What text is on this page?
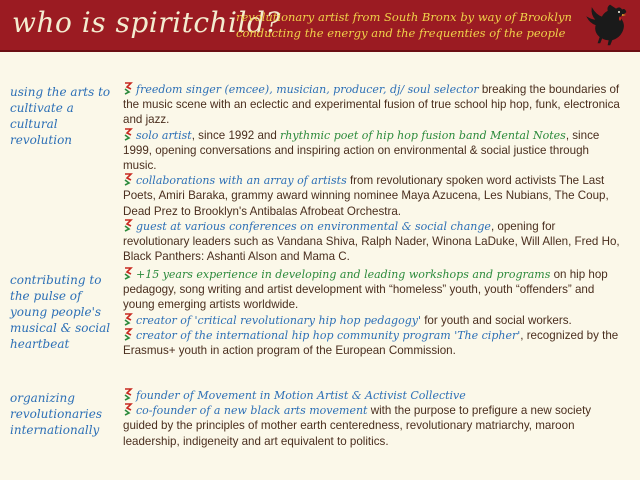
who is spiritchild?
revolutionary artist from South Bronx by way of Brooklyn
conducting the energy and the frequenties of the people
using the arts to cultivate a cultural revolution

freedom singer (emcee), musician, producer, dj/ soul selector breaking the boundaries of the music scene with an eclectic and experimental fusion of true school hip hop, funk, electronica and jazz.

solo artist, since 1992 and rhythmic poet of hip hop fusion band Mental Notes, since 1999, opening conversations and inspiring action on environmental & social justice through music.

collaborations with an array of artists from revolutionary spoken word activists The Last Poets, Amiri Baraka, grammy award winning nominee Maya Azucena, Les Nubians, The Coup, Dead Prez to Brooklyn's Antibalas Afrobeat Orchestra.

guest at various conferences on environmental & social change, opening for revolutionary leaders such as Vandana Shiva, Ralph Nader, Winona LaDuke, Will Allen, Fred Ho, Black Panthers: Ashanti Alson and Mama C.

contributing to the pulse of young people's musical & social heartbeat

+15 years experience in developing and leading workshops and programs on hip hop pedagogy, song writing and artist development with “homeless” youth, youth “offenders” and young emerging artists worldwide.

creator of 'critical revolutionary hip hop pedagogy' for youth and social workers.

creator of the international hip hop community program 'The cipher', recognized by the Erasmus+ youth in action program of the European Commission.

organizing revolutionaries internationally

founder of Movement in Motion Artist & Activist Collective

co-founder of a new black arts movement with the purpose to prefigure a new society guided by the principles of mother earth centeredness, revolutionary matriarchy, maroon leadership, indigeneity and art equivalent to politics.
